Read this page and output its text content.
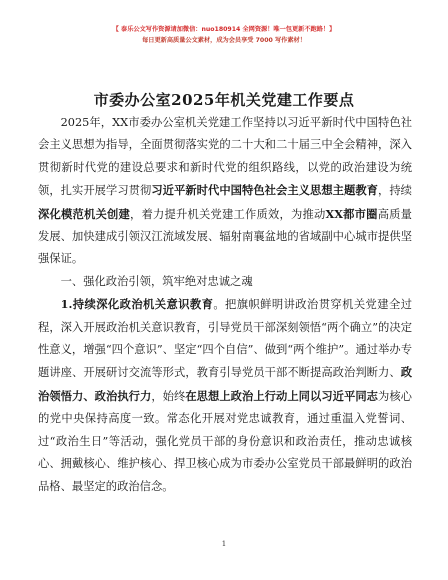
【 泰乐公文写作资源请加微信：nuo180914 全网资源！唯一包更新不跑路！】
每日更新高质量公文素材，成为会员享受 7000 写作素材！
市委办公室2025年机关党建工作要点

2025年，XX市委办公室机关党建工作坚持以习近平新时代中国特色社会主义思想为指导，全面贯彻落实党的二十大和二十届三中全会精神，深入贯彻新时代党的建设总要求和新时代党的组织路线，以党的政治建设为统领，扎实开展学习贯彻习近平新时代中国特色社会主义思想主题教育，持续深化模范机关创建，着力提升机关党建工作质效，为推动XX都市圈高质量发展、加快建成引领汉江流域发展、辐射南襄盆地的省域副中心城市提供坚强保证。

一、强化政治引领，筑牢绝对忠诚之魂

1.持续深化政治机关意识教育。把旗帜鲜明讲政治贯穿机关党建全过程，深入开展政治机关意识教育，引导党员干部深刻领悟“两个确立”的决定性意义，增强“四个意识”、坚定“四个自信”、做到“两个维护”。通过举办专题讲座、开展研讨交流等形式，教育引导党员干部不断提高政治判断力、政治领悟力、政治执行力，始终在思想上政治上行动上同以习近平同志为核心的党中央保持高度一致。常态化开展对党忠诚教育，通过重温入党誓词、过“政治生日”等活动，强化党员干部的身份意识和政治责任，推动忠诚核心、拥戴核心、维护核心、捍卫核心成为市委办公室党员干部最鲜明的政治品格、最坚定的政治信念。

1
